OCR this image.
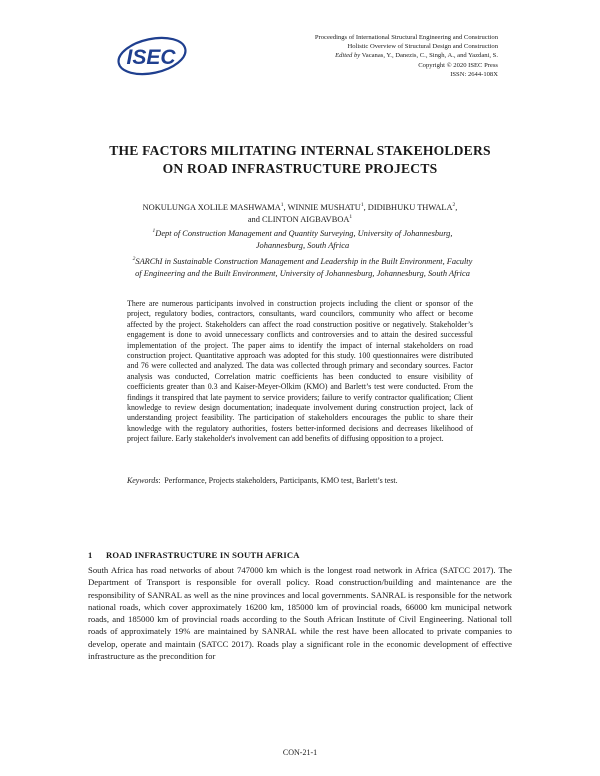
ISEC
Proceedings of International Structural Engineering and Construction
Holistic Overview of Structural Design and Construction
Edited by Vacanas, Y., Danezis, C., Singh, A., and Yazdani, S.
Copyright © 2020 ISEC Press
ISSN: 2644-108X
THE FACTORS MILITATING INTERNAL STAKEHOLDERS ON ROAD INFRASTRUCTURE PROJECTS
NOKULUNGA XOLILE MASHWAMA$^1$, WINNIE MUSHATU$^1$, DIDIBHUKU THWALA$^2$,
and CLINTON AIGBAVBOA$^1$

$^1$Dept of Construction Management and Quantity Surveying, University of Johannesburg, Johannesburg, South Africa

$^2$SARChI in Sustainable Construction Management and Leadership in the Built Environment, Faculty of Engineering and the Built Environment, University of Johannesburg, Johannesburg, South Africa

There are numerous participants involved in construction projects including the client or sponsor of the project, regulatory bodies, contractors, consultants, ward councilors, community who affect or become affected by the project. Stakeholders can affect the road construction positive or negatively. Stakeholder’s engagement is done to avoid unnecessary conflicts and controversies and to attain the desired successful implementation of the project. The paper aims to identify the impact of internal stakeholders on road construction project. Quantitative approach was adopted for this study. 100 questionnaires were distributed and 76 were collected and analyzed. The data was collected through primary and secondary sources. Factor analysis was conducted, Correlation matric coefficients has been conducted to ensure visibility of coefficients greater than 0.3 and Kaiser-Meyer-Olkim (KMO) and Barlett’s test were conducted. From the findings it transpired that late payment to service providers; failure to verify contractor qualification; Client knowledge to review design documentation; inadequate involvement during construction project, lack of understanding project feasibility. The participation of stakeholders encourages the public to share their knowledge with the regulatory authorities, fosters better-informed decisions and decreases likelihood of project failure. Early stakeholder's involvement can add benefits of diffusing opposition to a project.
Keywords:  Performance, Projects stakeholders, Participants, KMO test, Barlett’s test.
1 ROAD INFRASTRUCTURE IN SOUTH AFRICA
South Africa has road networks of about 747000 km which is the longest road network in Africa (SATCC 2017). The Department of Transport is responsible for overall policy. Road construction/building and maintenance are the responsibility of SANRAL as well as the nine provinces and local governments. SANRAL is responsible for the network national roads, which cover approximately 16200 km, 185000 km of provincial roads, 66000 km municipal network roads, and 185000 km of provincial roads according to the South African Institute of Civil Engineering. National toll roads of approximately 19% are maintained by SANRAL while the rest have been allocated to private companies to develop, operate and maintain (SATCC 2017). Roads play a significant role in the economic development of effective infrastructure as the precondition for
CON-21-1
